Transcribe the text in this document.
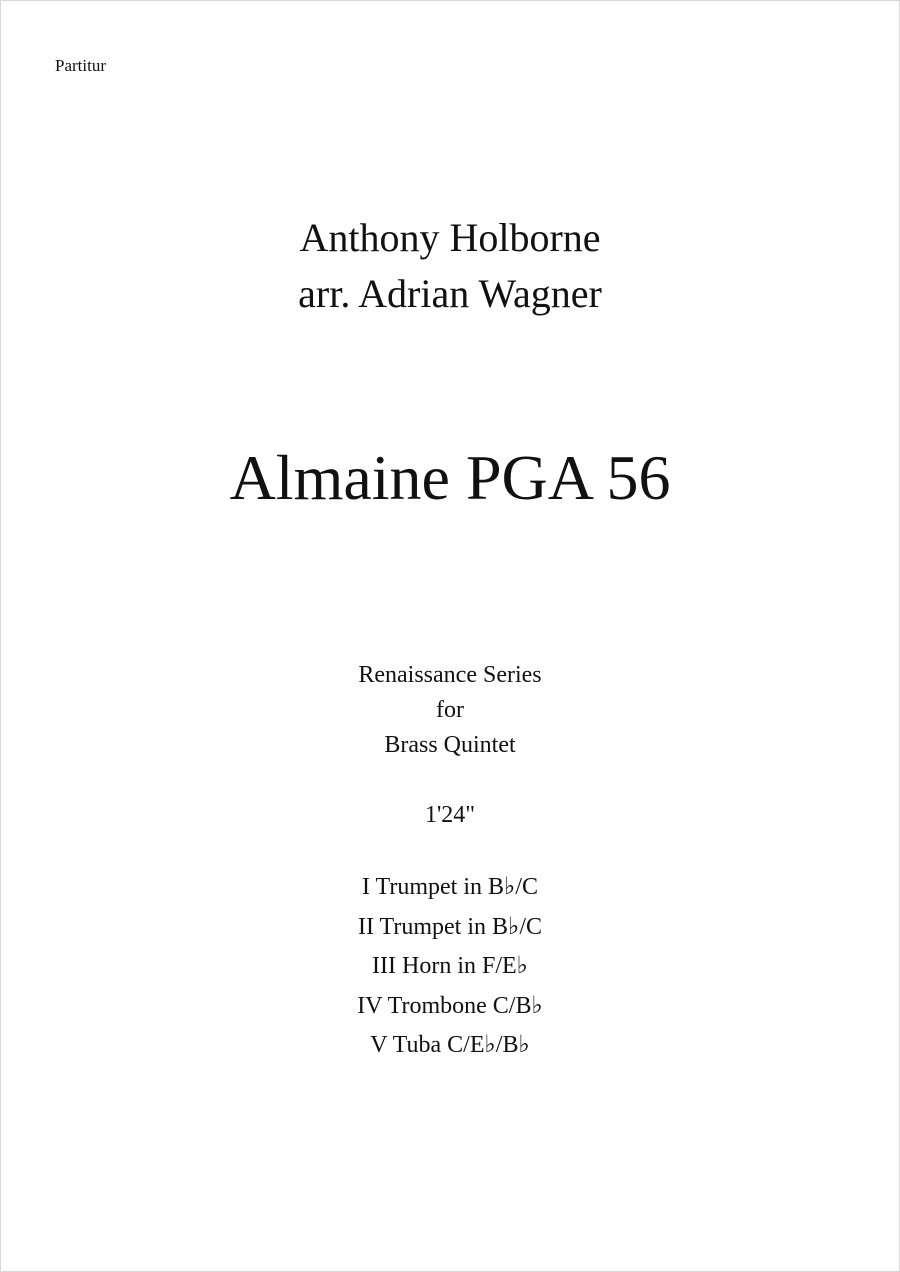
Partitur
Anthony Holborne
arr. Adrian Wagner
Almaine PGA 56
Renaissance Series
for
Brass Quintet
1'24"
I Trumpet in B♭/C
II Trumpet in B♭/C
III Horn in F/E♭
IV Trombone C/B♭
V Tuba C/E♭/B♭
